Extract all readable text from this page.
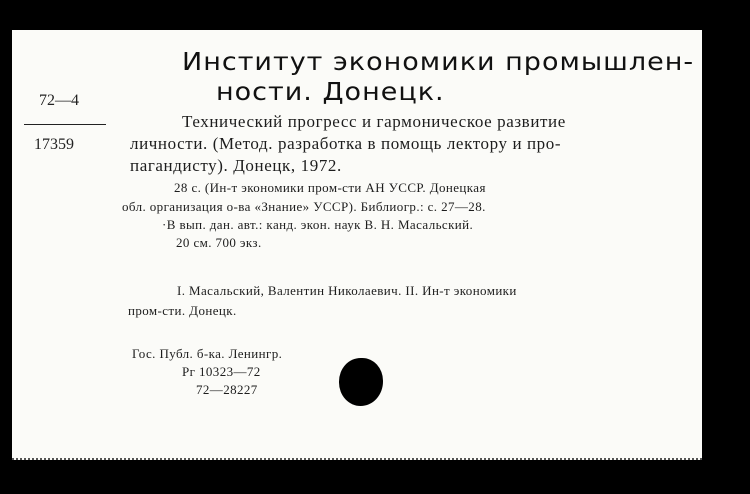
Институт экономики промышлен-
ности. Донецк.
72—4
17359
Технический прогресс и гармоническое развитие
личности. (Метод. разработка в помощь лектору и про-
пагандисту). Донецк, 1972.
28 с. (Ин-т экономики пром-сти АН УССР. Донецкая
обл. организация о-ва «Знание» УССР). Библиогр.: с. 27—28.
·В вып. дан. авт.: канд. экон. наук В. Н. Масальский.
20 см. 700 экз.
I. Масальский, Валентин Николаевич. II. Ин-т экономики
пром-сти. Донецк.
Гос. Публ. б-ка. Ленингр.
Рг 10323—72
72—28227
